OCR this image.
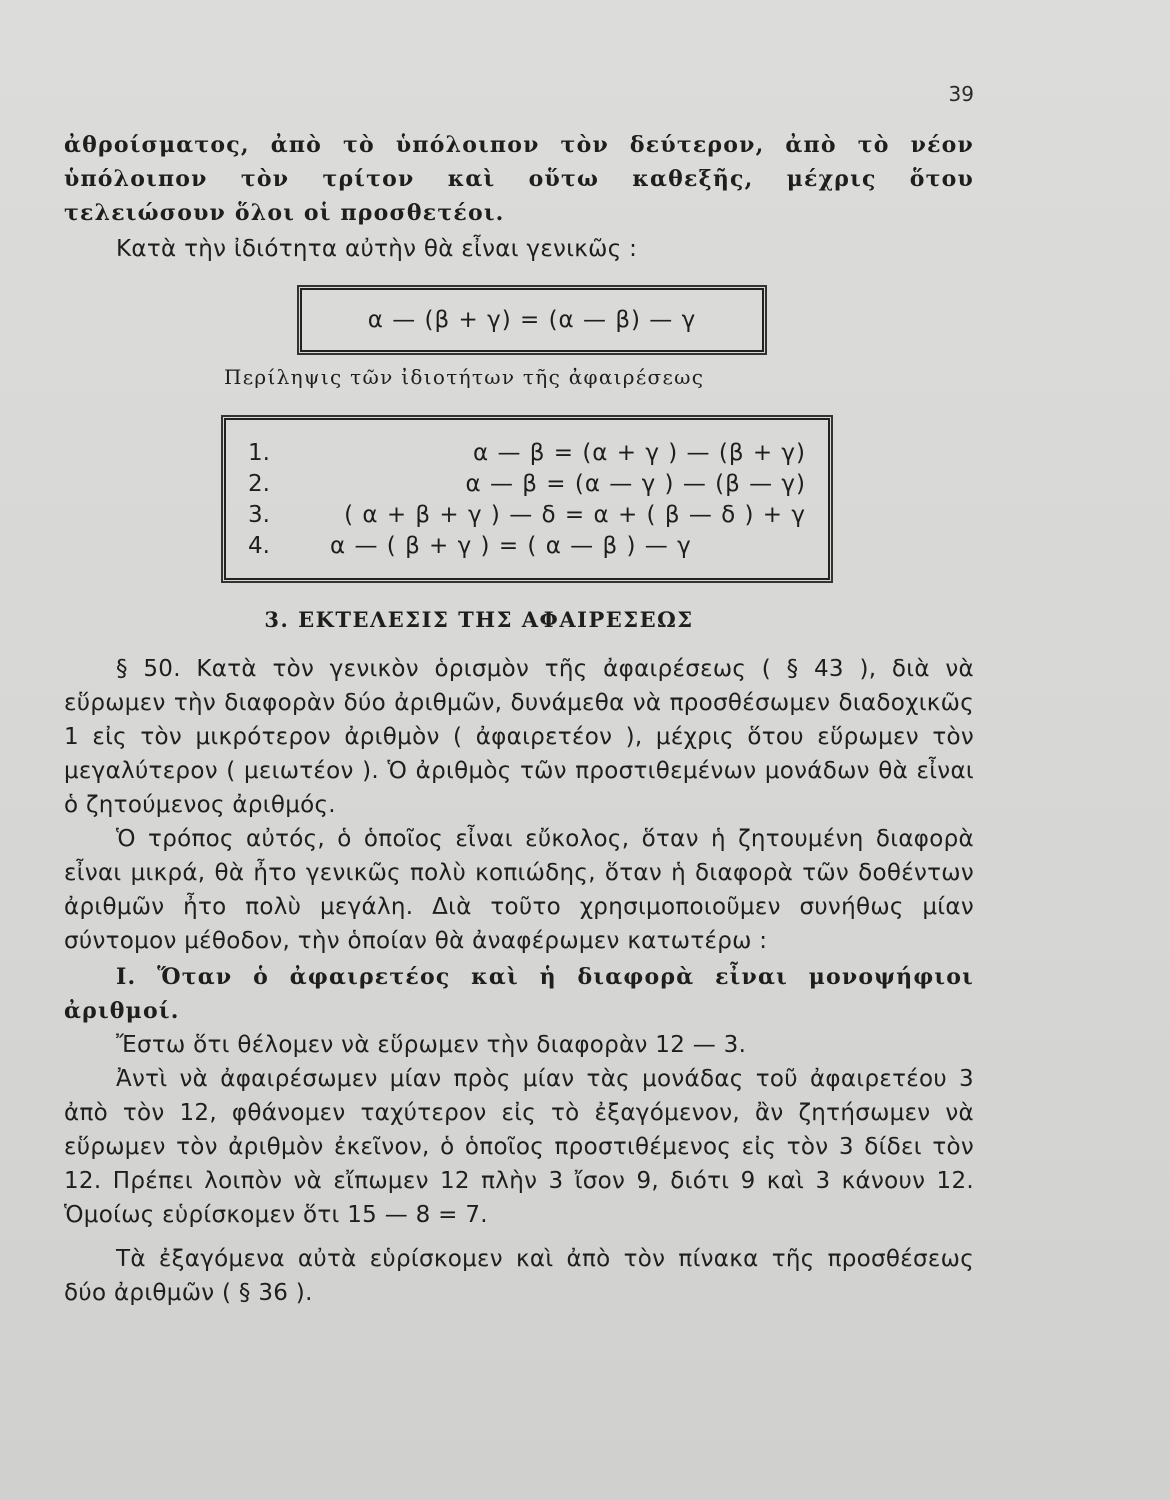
39

ἀθροίσματος, ἀπὸ τὸ ὑπόλοιπον τὸν δεύτερον, ἀπὸ τὸ νέον ὑπόλοιπον τὸν τρίτον καὶ οὕτω καθεξῆς, μέχρις ὅτου τελειώσουν ὅλοι οἱ προσθετέοι.

Κατὰ τὴν ἰδιότητα αὐτὴν θὰ εἶναι γενικῶς :

α — (β + γ) = (α — β) — γ
Περίληψις τῶν ἰδιοτήτων τῆς ἀφαιρέσεως
1.	α — β = (α + γ ) — (β + γ)
2.	α — β = (α — γ ) — (β — γ)
3.	( α + β + γ ) — δ = α + ( β — δ ) + γ
4.	α — ( β + γ ) = ( α — β ) — γ
3. ΕΚΤΕΛΕΣΙΣ ΤΗΣ ΑΦΑΙΡΕΣΕΩΣ

§ 50. Κατὰ τὸν γενικὸν ὁρισμὸν τῆς ἀφαιρέσεως ( § 43 ), διὰ νὰ εὕρωμεν τὴν διαφορὰν δύο ἀριθμῶν, δυνάμεθα νὰ προσθέσωμεν διαδοχικῶς 1 εἰς τὸν μικρότερον ἀριθμὸν ( ἀφαιρετέον ), μέχρις ὅτου εὕρωμεν τὸν μεγαλύτερον ( μειωτέον ). Ὁ ἀριθμὸς τῶν προστιθεμένων μονάδων θὰ εἶναι ὁ ζητούμενος ἀριθμός.

Ὁ τρόπος αὐτός, ὁ ὁποῖος εἶναι εὔκολος, ὅταν ἡ ζητουμένη διαφορὰ εἶναι μικρά, θὰ ἦτο γενικῶς πολὺ κοπιώδης, ὅταν ἡ διαφορὰ τῶν δοθέντων ἀριθμῶν ἦτο πολὺ μεγάλη. Διὰ τοῦτο χρησιμοποιοῦμεν συνήθως μίαν σύντομον μέθοδον, τὴν ὁποίαν θὰ ἀναφέρωμεν κατωτέρω :

I. Ὅταν ὁ ἀφαιρετέος καὶ ἡ διαφορὰ εἶναι μονοψήφιοι ἀριθμοί.

Ἔστω ὅτι θέλομεν νὰ εὕρωμεν τὴν διαφορὰν 12 — 3.

Ἀντὶ νὰ ἀφαιρέσωμεν μίαν πρὸς μίαν τὰς μονάδας τοῦ ἀφαιρετέου 3 ἀπὸ τὸν 12, φθάνομεν ταχύτερον εἰς τὸ ἐξαγόμενον, ἂν ζητήσωμεν νὰ εὕρωμεν τὸν ἀριθμὸν ἐκεῖνον, ὁ ὁποῖος προστιθέμενος εἰς τὸν 3 δίδει τὸν 12. Πρέπει λοιπὸν νὰ εἴπωμεν 12 πλὴν 3 ἴσον 9, διότι 9 καὶ 3 κάνουν 12. Ὁμοίως εὑρίσκομεν ὅτι 15 — 8 = 7.

Τὰ ἐξαγόμενα αὐτὰ εὑρίσκομεν καὶ ἀπὸ τὸν πίνακα τῆς προσθέσεως δύο ἀριθμῶν ( § 36 ).
